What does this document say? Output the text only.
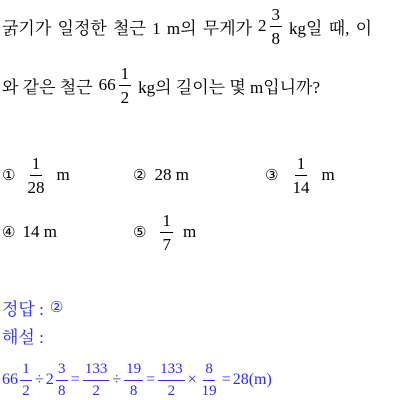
굵기가 일정한 철근 1 m의 무게가 $2 \frac{3}{8}$ kg일 때, 이
와 같은 철근 $66 \frac{1}{2}$ kg의 길이는 몇 m입니까?
① $\frac{1}{28}$ m	② 28 m	③ $\frac{1}{14}$ m
④ 14 m	⑤ $\frac{1}{7}$ m
정답 : ②
해설 :
$66 \frac{1}{2} \div 2 \frac{3}{8} = \frac{133}{2} \div \frac{19}{8} = \frac{133}{2} \times \frac{8}{19} = 28(m)$
